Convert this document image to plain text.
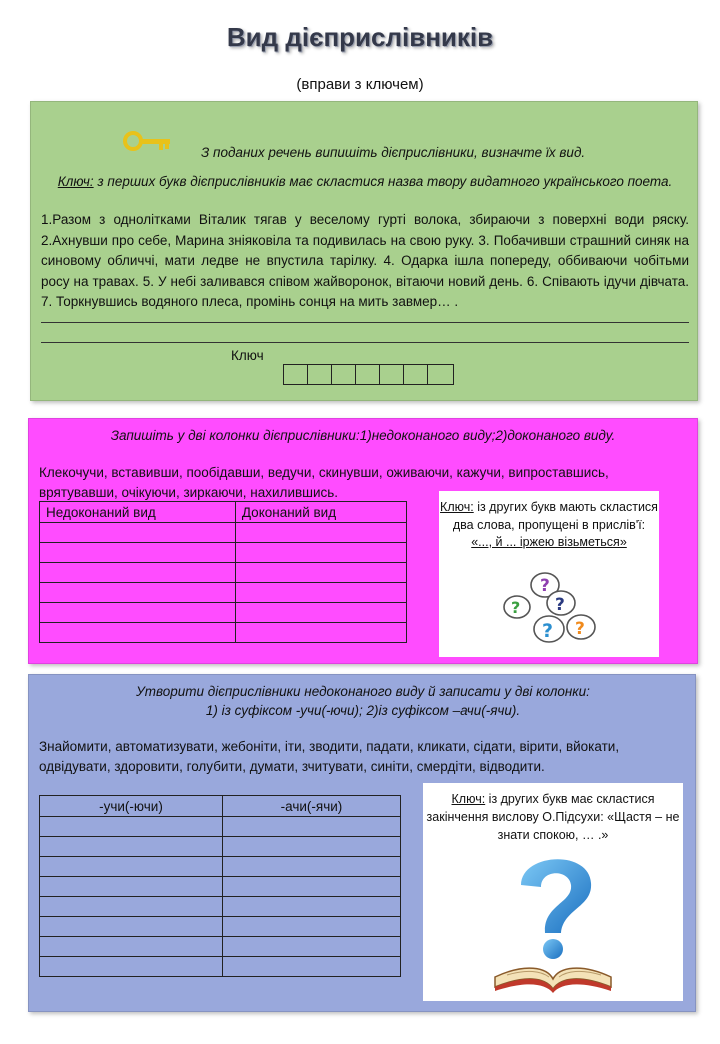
Вид дієприслівників
(вправи з ключем)
З поданих речень випишіть дієприслівники, визначте їх вид.
Ключ: з перших букв дієприслівників має скластися назва твору видатного українського поета.
1.Разом з однолітками Віталик тягав у веселому гурті волока, збираючи з поверхні води ряску. 2.Ахнувши про себе, Марина зніяковіла та подивилась на свою руку. 3. Побачивши страшний синяк на синовому обличчі, мати ледве не впустила тарілку. 4. Одарка ішла попереду, оббиваючи чобітьми росу на травах. 5. У небі заливався співом жайворонок, вітаючи новий день. 6. Співають ідучи дівчата. 7. Торкнувшись водяного плеса, промінь сонця на мить завмер… .
Ключ
Запишіть у дві колонки дієприслівники:1)недоконаного виду;2)доконаного виду.
Клекочучи, вставивши, пообідавши, ведучи, скинувши, оживаючи, кажучи, випроставшись, врятувавши, очікуючи, зиркаючи, нахилившись.
Недоконаний вид	Доконаний вид

		Ключ: із других букв мають скластися два слова, пропущені в прислів'ї:
«..., й ... іржею візьметься»
?
? ?
? ?
Утворити дієприслівники недоконаного виду й записати у дві колонки:
1) із суфіксом -учи(-ючи); 2)із суфіксом –ачи(-ячи).
Знайомити, автоматизувати, жебоніти, іти, зводити, падати, кликати, сідати, вірити, вйокати, одвідувати, здоровити, голубити, думати, зчитувати, синіти, смердіти, відводити.
-учи(-ючи)	-ачи(-ячи)

		Ключ: із других букв має скластися закінчення вислову О.Підсухи: «Щастя – не знати спокою, … .»
